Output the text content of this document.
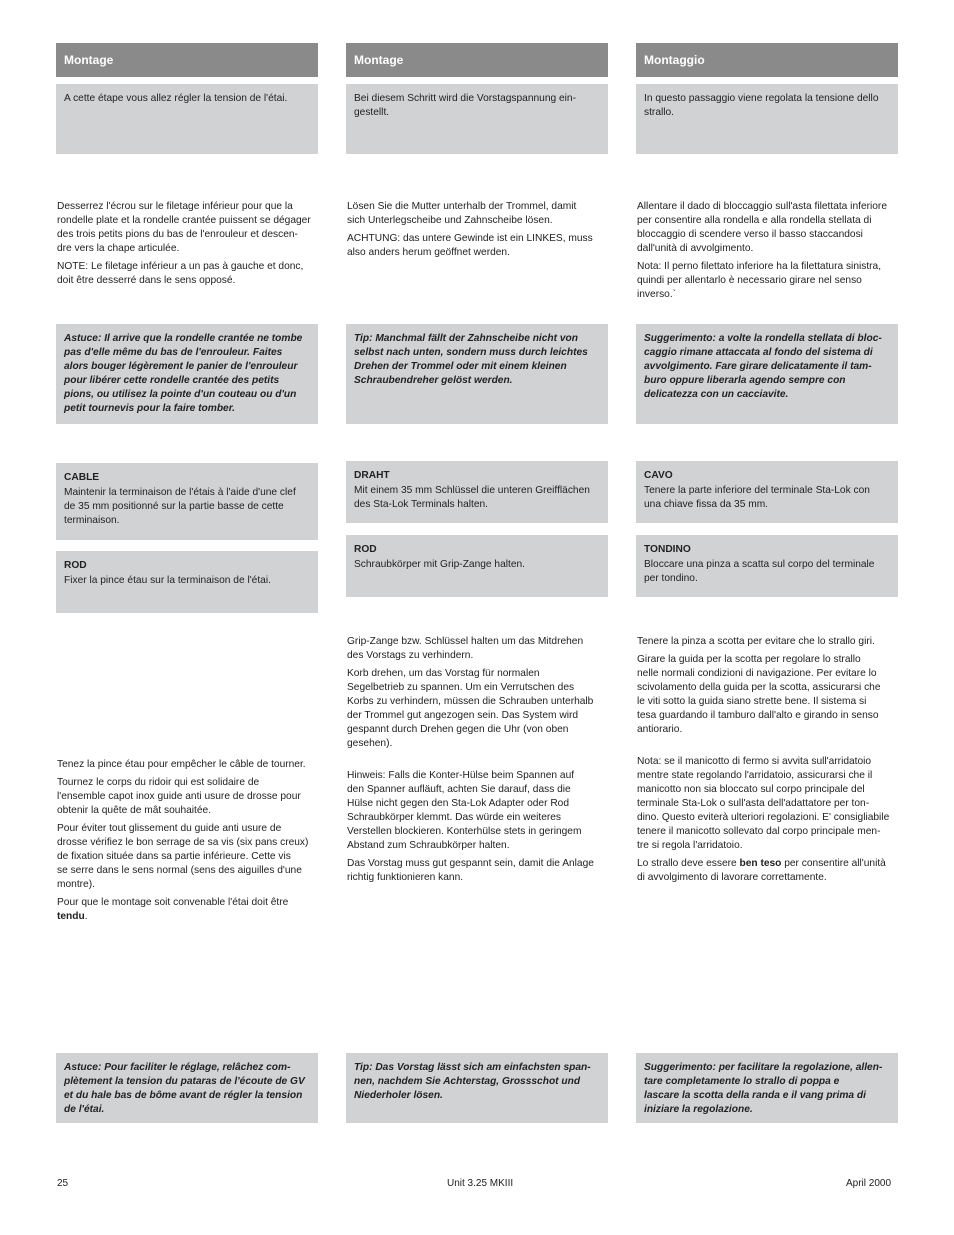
Montage	Montage	Montaggio
A cette étape vous allez régler la tension de l'étai.	Bei diesem Schritt wird die Vorstagspannung ein-
gestellt.
In questo passaggio viene regolata la tensione dello
strallo.

Desserrez l'écrou sur le filetage inférieur pour que la
rondelle plate et la rondelle crantée puissent se dégager
des trois petits pions du bas de l'enrouleur et descen-
dre vers la chape articulée.

NOTE: Le filetage inférieur a un pas à gauche et donc,
doit être desserré dans le sens opposé.

Lösen Sie die Mutter unterhalb der Trommel, damit
sich Unterlegscheibe und Zahnscheibe lösen.

ACHTUNG: das untere Gewinde ist ein LINKES, muss
also anders herum geöffnet werden.

Allentare il dado di bloccaggio sull'asta filettata inferiore
per consentire alla rondella e alla rondella stellata di
bloccaggio di scendere verso il basso staccandosi
dall'unità di avvolgimento.

Nota: Il perno filettato inferiore ha la filettatura sinistra,
quindi per allentarlo è necessario girare nel senso
inverso.`

Astuce: Il arrive que la rondelle crantée ne tombe
pas d'elle même du bas de l'enrouleur. Faites
alors bouger légèrement le panier de l'enrouleur
pour libérer cette rondelle crantée des petits
pions, ou utilisez la pointe d'un couteau ou d'un
petit tournevis pour la faire tomber.
Tip: Manchmal fällt der Zahnscheibe nicht von
selbst nach unten, sondern muss durch leichtes
Drehen der Trommel oder mit einem kleinen
Schraubendreher gelöst werden.
Suggerimento: a volte la rondella stellata di bloc-
caggio rimane attaccata al fondo del sistema di
avvolgimento. Fare girare delicatamente il tam-
buro oppure liberarla agendo sempre con
delicatezza con un cacciavite.
CABLE
Maintenir la terminaison de l'étais à l'aide d'une clef
de 35 mm positionné sur la partie basse de cette
terminaison.
DRAHT
Mit einem 35 mm Schlüssel die unteren Greifflächen
des Sta-Lok Terminals halten.
CAVO
Tenere la parte inferiore del terminale Sta-Lok con
una chiave fissa da 35 mm.
ROD
Fixer la pince étau sur la terminaison de l'étai.
ROD
Schraubkörper mit Grip-Zange halten.
TONDINO
Bloccare una pinza a scatta sul corpo del terminale
per tondino.

Tenez la pince étau pour empêcher le câble de tourner.

Tournez le corps du ridoir qui est solidaire de
l'ensemble capot inox guide anti usure de drosse pour
obtenir la quête de mât souhaitée.

Pour éviter tout glissement du guide anti usure de
drosse vérifiez le bon serrage de sa vis (six pans creux)
de fixation située dans sa partie inférieure. Cette vis
se serre dans le sens normal (sens des aiguilles d'une
montre).

Pour que le montage soit convenable l'étai doit être
tendu.

Grip-Zange bzw. Schlüssel halten um das Mitdrehen
des Vorstags zu verhindern.

Korb drehen, um das Vorstag für normalen
Segelbetrieb zu spannen. Um ein Verrutschen des
Korbs zu verhindern, müssen die Schrauben unterhalb
der Trommel gut angezogen sein. Das System wird
gespannt durch Drehen gegen die Uhr (von oben
gesehen).

Hinweis: Falls die Konter-Hülse beim Spannen auf
den Spanner aufläuft, achten Sie darauf, dass die
Hülse nicht gegen den Sta-Lok Adapter oder Rod
Schraubkörper klemmt. Das würde ein weiteres
Verstellen blockieren. Konterhülse stets in geringem
Abstand zum Schraubkörper halten.

Das Vorstag muss gut gespannt sein, damit die Anlage
richtig funktionieren kann.

Tenere la pinza a scotta per evitare che lo strallo giri.

Girare la guida per la scotta per regolare lo strallo
nelle normali condizioni di navigazione. Per evitare lo
scivolamento della guida per la scotta, assicurarsi che
le viti sotto la guida siano strette bene. Il sistema si
tesa guardando il tamburo dall'alto e girando in senso
antiorario.

Nota: se il manicotto di fermo si avvita sull'arridatoio
mentre state regolando l'arridatoio, assicurarsi che il
manicotto non sia bloccato sul corpo principale del
terminale Sta-Lok o sull'asta dell'adattatore per ton-
dino. Questo eviterà ulteriori regolazioni. E' consigliabile
tenere il manicotto sollevato dal corpo principale men-
tre si regola l'arridatoio.

Lo strallo deve essere ben teso per consentire all'unità
di avvolgimento di lavorare correttamente.

Astuce: Pour faciliter le réglage, relâchez com-
plètement la tension du pataras de l'écoute de GV
et du hale bas de bôme avant de régler la tension
de l'étai.
Tip: Das Vorstag lässt sich am einfachsten span-
nen, nachdem Sie Achterstag, Grossschot und
Niederholer lösen.
Suggerimento: per facilitare la regolazione, allen-
tare completamente lo strallo di poppa e
lascare la scotta della randa e il vang prima di
iniziare la regolazione.
25	Unit 3.25 MKIII	April 2000
